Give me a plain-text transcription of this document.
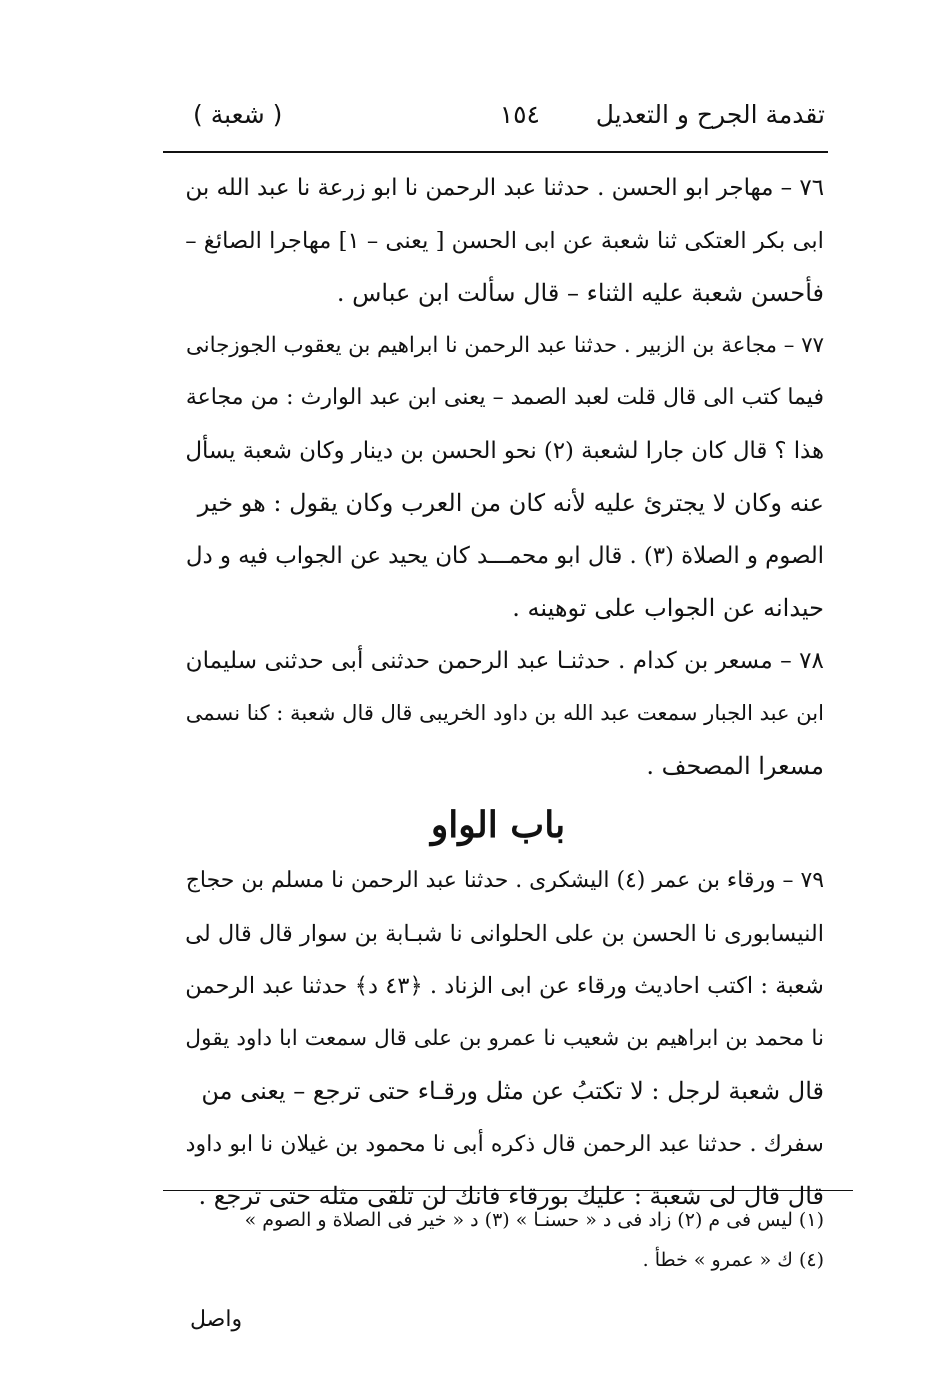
تقدمة الجرح و التعديل
١٥٤
( شعبة )

٧٦ – مهاجر ابو الحسن . حدثنا عبد الرحمن نا ابو زرعة نا عبد الله بن

ابى بكر العتكى ثنا شعبة عن ابى الحسن [ يعنى – ١] مهاجرا الصائغ –

فأحسن شعبة عليه الثناء – قال سألت ابن عباس .

٧٧ – مجاعة بن الزبير . حدثنا عبد الرحمن نا ابراهيم بن يعقوب الجوزجانى

فيما كتب الى قال قلت لعبد الصمد – يعنى ابن عبد الوارث : من مجاعة

هذا ؟ قال كان جارا لشعبة (٢) نحو الحسن بن دينار وكان شعبة يسأل

عنه وكان لا يجترئ عليه لأنه كان من العرب وكان يقول : هو خير

الصوم و الصلاة (٣) . قال ابو محمـــد كان يحيد عن الجواب فيه و دل

حيدانه عن الجواب على توهينه .

٧٨ – مسعر بن كدام . حدثنـا عبد الرحمن حدثنى أبى حدثنى سليمان

ابن عبد الجبار سمعت عبد الله بن داود الخريبى قال قال شعبة : كنا نسمى

مسعرا المصحف .

باب الواو

٧٩ – ورقاء بن عمر (٤) اليشكرى . حدثنا عبد الرحمن نا مسلم بن حجاج

النيسابورى نا الحسن بن على الحلوانى نا شبـابة بن سوار قال قال لى

شعبة : اكتب احاديث ورقاء عن ابى الزناد . ﴿٤٣ د﴾ حدثنا عبد الرحمن

نا محمد بن ابراهيم بن شعيب نا عمرو بن على قال سمعت ابا داود يقول

قال شعبة لرجل : لا تكتبُ عن مثل ورقـاء حتى ترجع – يعنى من

سفرك . حدثنا عبد الرحمن قال ذكره أبى نا محمود بن غيلان نا ابو داود

قال قال لى شعبة : عليك بورقاء فانك لن تلقى مثله حتى ترجع .

(١) ليس فى م (٢) زاد فى د « حسنـا » (٣) د « خير فى الصلاة و الصوم »

(٤) ك « عمرو » خطأ .

واصل
